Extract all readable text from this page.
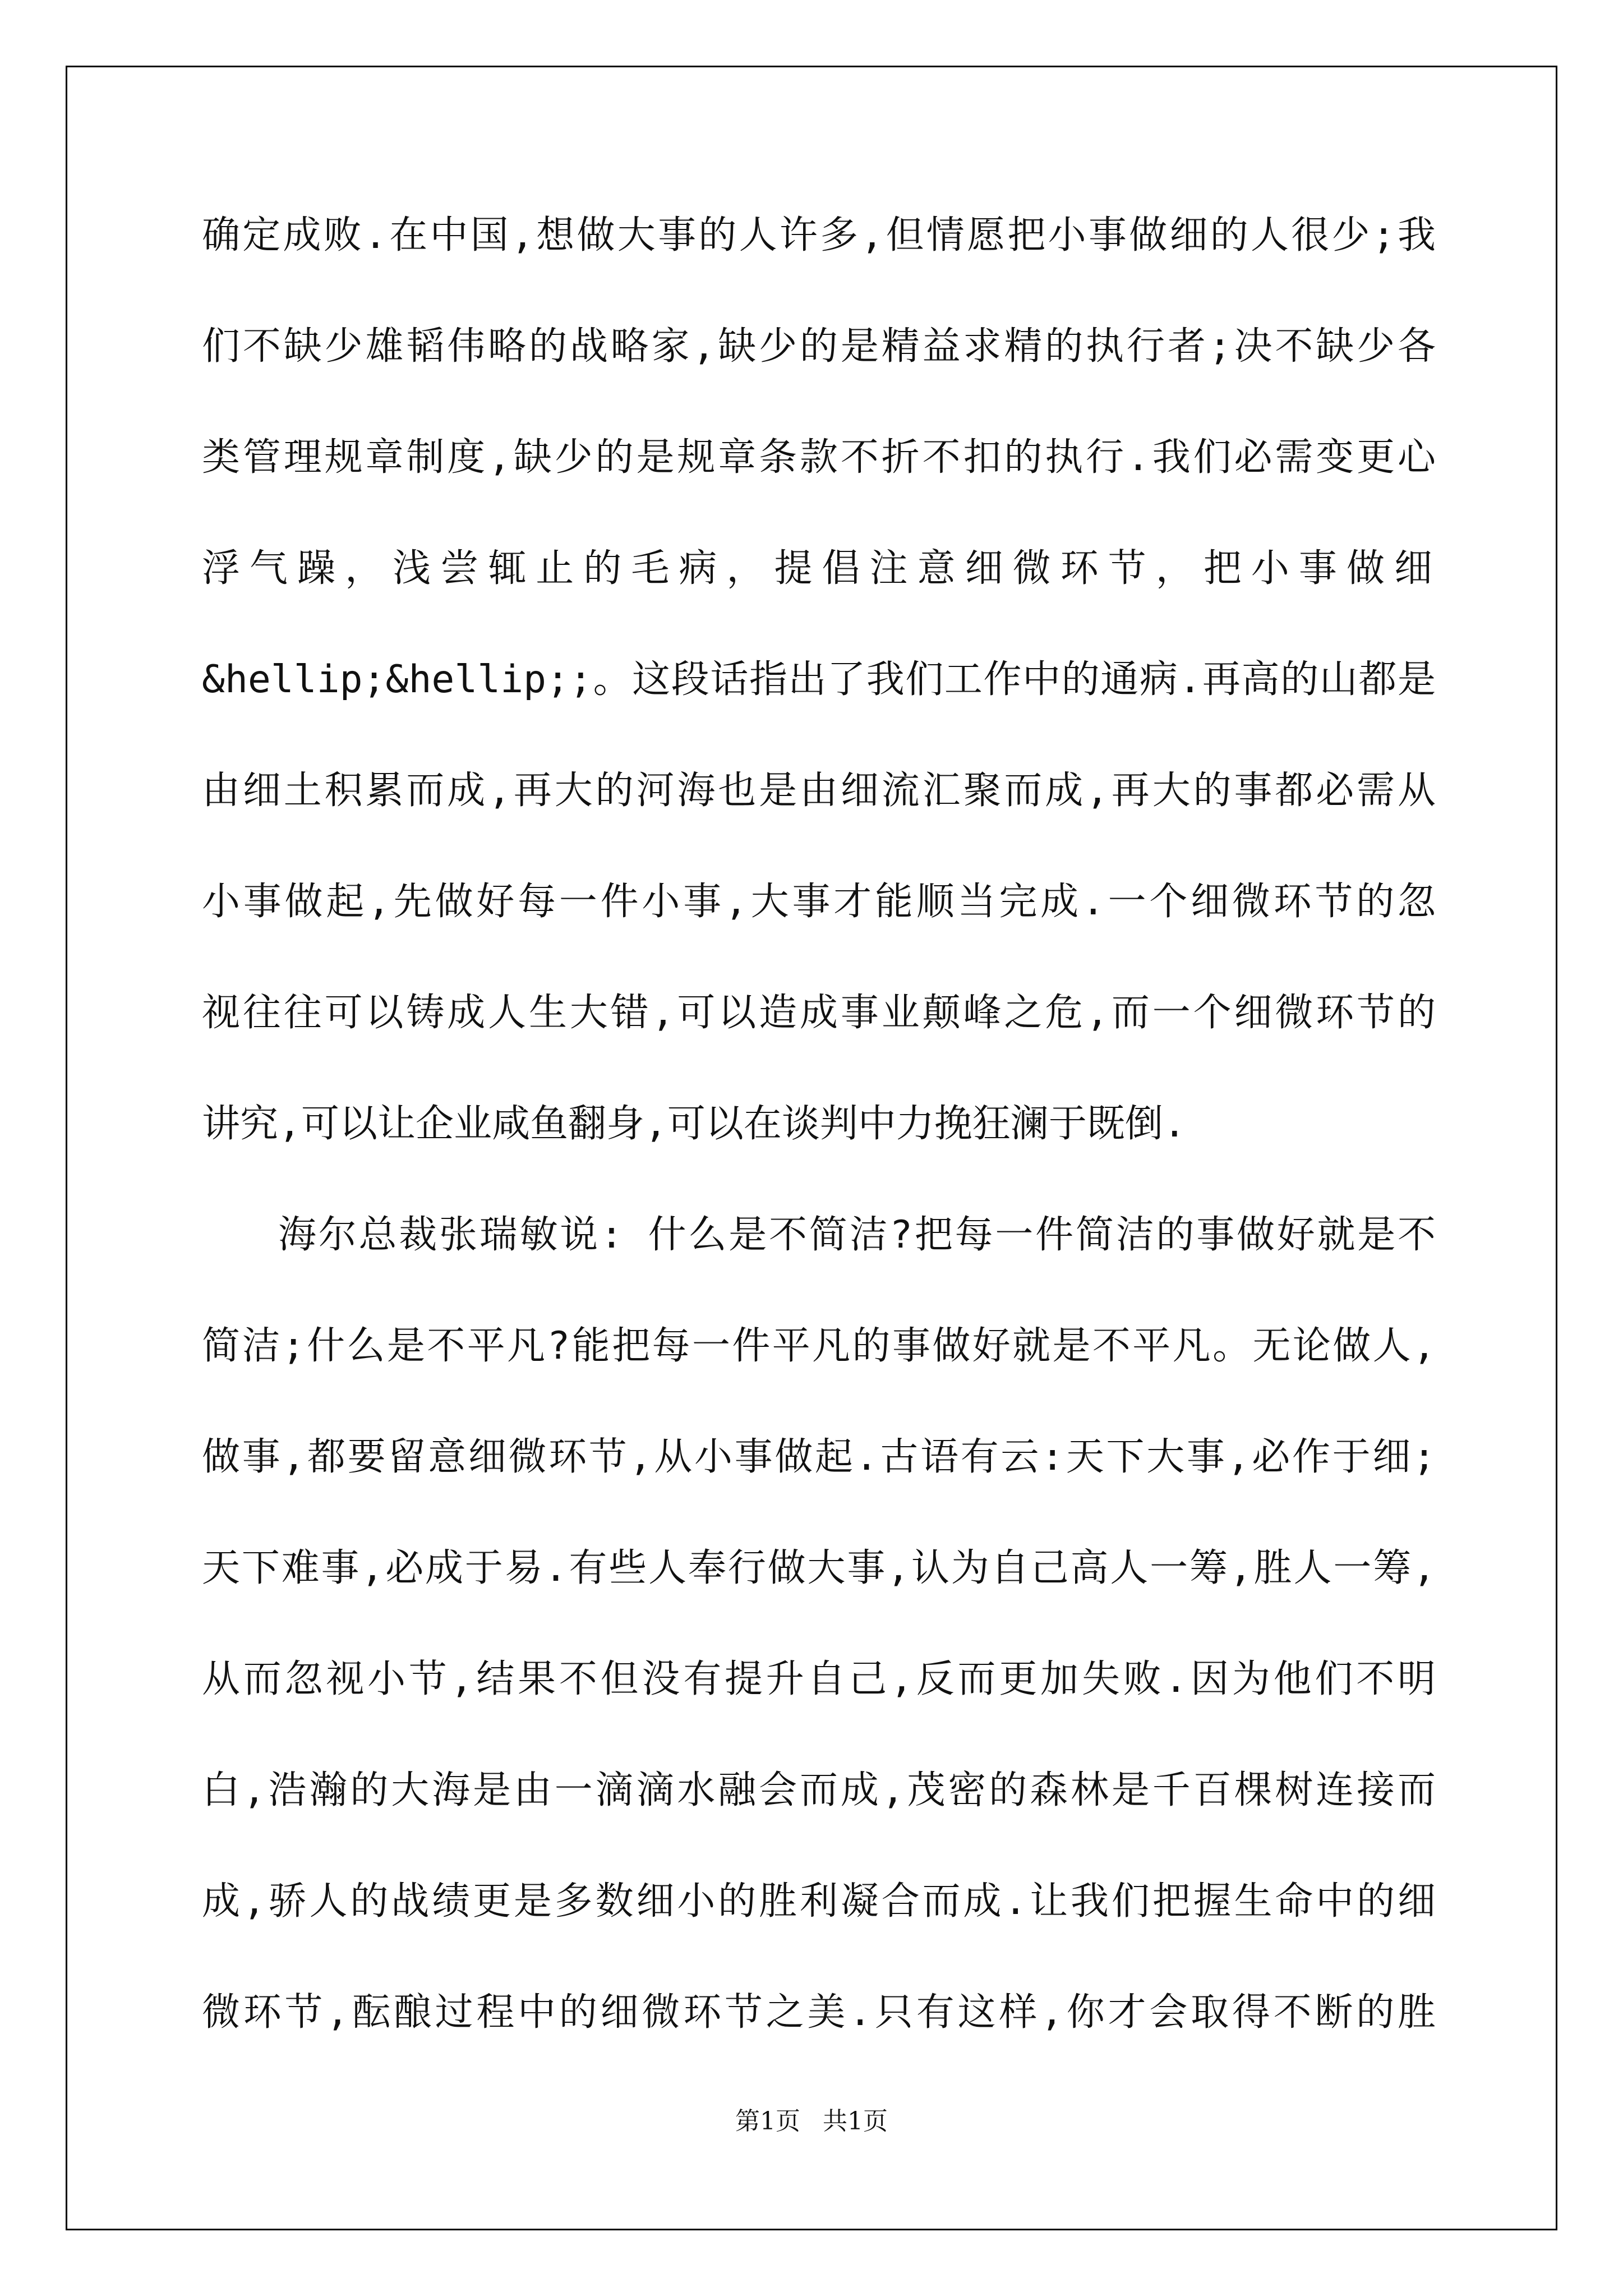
确定成败.在中国,想做大事的人许多,但情愿把小事做细的人很少;我
们不缺少雄韬伟略的战略家,缺少的是精益求精的执行者;决不缺少各
类管理规章制度,缺少的是规章条款不折不扣的执行.我们必需变更心
浮气躁，浅尝辄止的毛病，提倡注意细微环节，把小事做细
&hellip;&hellip;;。这段话指出了我们工作中的通病.再高的山都是
由细土积累而成,再大的河海也是由细流汇聚而成,再大的事都必需从
小事做起,先做好每一件小事,大事才能顺当完成.一个细微环节的忽
视往往可以铸成人生大错,可以造成事业颠峰之危,而一个细微环节的
讲究,可以让企业咸鱼翻身,可以在谈判中力挽狂澜于既倒.
海尔总裁张瑞敏说: 什么是不简洁?把每一件简洁的事做好就是不
简洁;什么是不平凡?能把每一件平凡的事做好就是不平凡。无论做人,
做事,都要留意细微环节,从小事做起.古语有云:天下大事,必作于细;
天下难事,必成于易.有些人奉行做大事,认为自己高人一筹,胜人一筹,
从而忽视小节,结果不但没有提升自己,反而更加失败.因为他们不明
白,浩瀚的大海是由一滴滴水融会而成,茂密的森林是千百棵树连接而
成,骄人的战绩更是多数细小的胜利凝合而成.让我们把握生命中的细
微环节,酝酿过程中的细微环节之美.只有这样,你才会取得不断的胜
第1页 共1页
